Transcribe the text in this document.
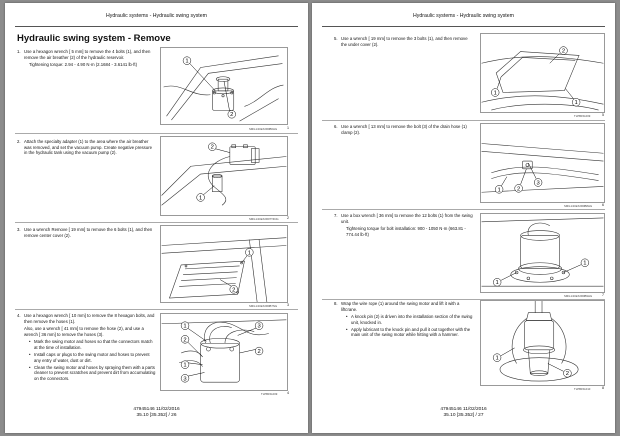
Hydraulic systems - Hydraulic swing system
Hydraulic swing system - Remove
1. Use a hexagon wrench [ 5 mm] to remove the 4 bolts (1), and then remove the air breather (2) of the hydraulic reservoir.
Tightening torque: 2.94 - 4.90 N·m (2.1684 - 3.6141 lb·ft)
1
2
SMIL14CEX2R0B6HG	1
2. Attach the specialty adapter (1) to the area where the air breather was removed, and set the vacuum pump. Create negative pressure in the hydraulic tank using the vacuum pump (2).
1
2
SMIL14CEX2R07T4NG 2
3. Use a wrench Remove [ 19 mm] to remove the 6 bolts (1), and then remove center cover (2).
1
2
SMIL14CEX2R0B7NG	3
4. Use a hexagon wrench [ 10 mm] to remove the 8 hexagon bolts, and then remove the hoses (1).
Also, use a wrench [ 41 mm] to remove the hose (2), and use a wrench [ 36 mm] to remove the hoses (3).
• Mark the swing motor and hoses so that the connectors match at the time of installation.
• Install caps or plugs to the swing motor and hoses to prevent any entry of water, dust or dirt.
• Clean the swing motor and hoses by spraying them with a parts cleaner to prevent scratches and prevent dirt from accumulating on the connectors.
1
2
3
1
2
3
TLPB15L009	4
47945146 11/02/2016
35.10 [35.352] / 26
Hydraulic systems - Hydraulic swing system
5. Use a wrench [ 19 mm] to remove the 3 bolts (1), and then remove the under cover (2).
2
1
1
TLPB15L009	5
6. Use a wrench [ 13 mm] to remove the bolt (3) of the drain hose (1) clamp (2).
1	2
3
SMIL14CEX2R0B8HG	6
7. Use a box wrench [ 36 mm] to remove the 12 bolts (1) from the swing unit.
Tightening torque for bolt installation: 900 - 1050 N·m (663.81 - 774.44 lb·ft)
1
1
SMIL14CEX2R0B9HG	7
8. Wrap the wire rope (1) around the swing motor and lift it with a liftcrane.
• A knock pin (2) is driven into the installation section of the swing unit, knocked in.
• Apply lubricant to the knock pin and pull it out together with the main unit of the swing motor while hitting with a hammer.
1
2
TLPB15L010	8
47945146 11/02/2016
35.10 [35.352] / 27
